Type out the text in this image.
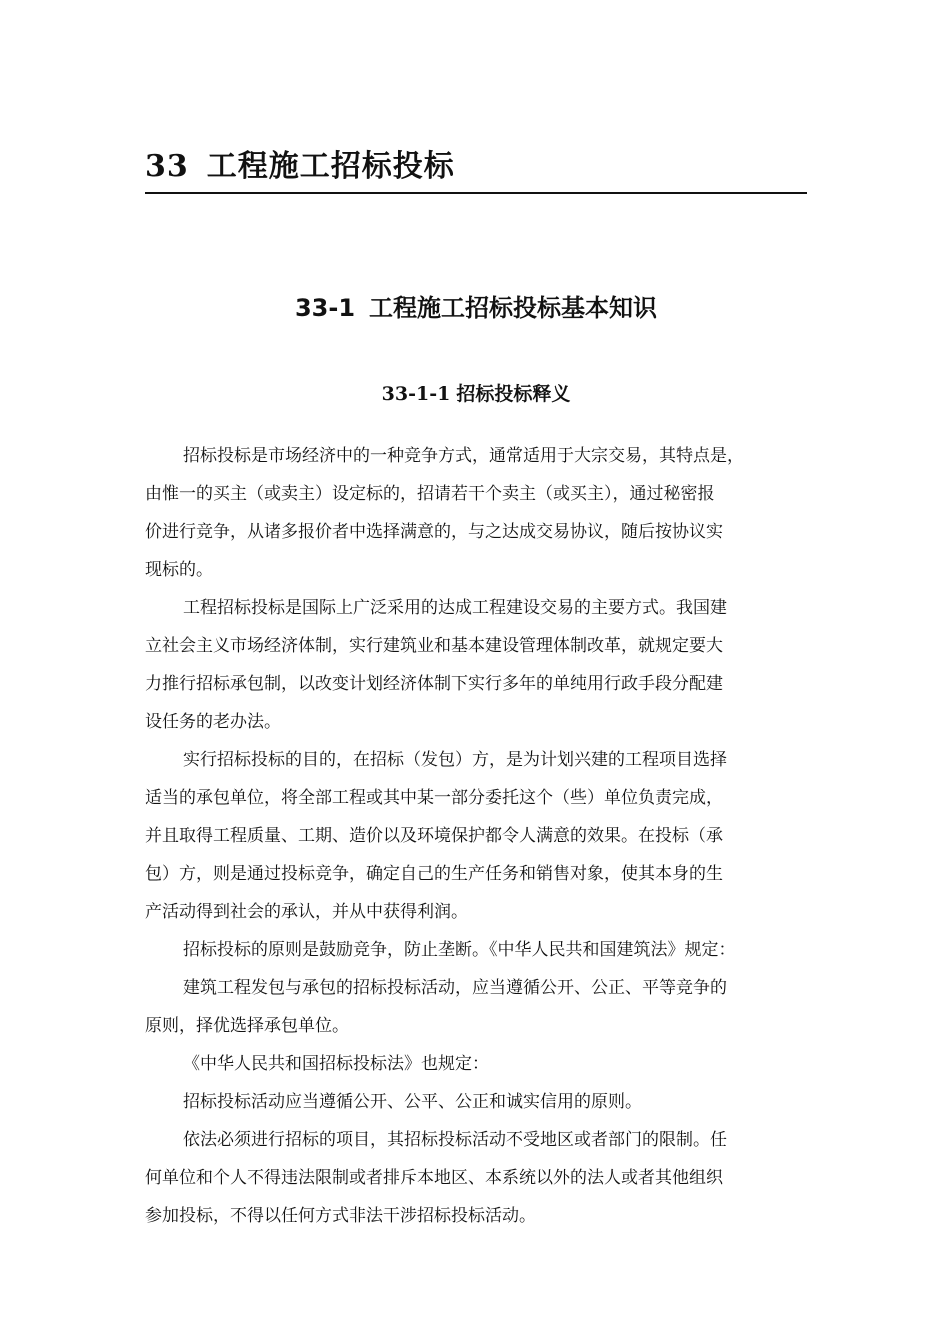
33 工程施工招标投标
33-1 工程施工招标投标基本知识
33-1-1 招标投标释义
招标投标是市场经济中的一种竞争方式，通常适用于大宗交易，其特点是，
由惟一的买主（或卖主）设定标的，招请若干个卖主（或买主），通过秘密报
价进行竞争，从诸多报价者中选择满意的，与之达成交易协议，随后按协议实
现标的。
工程招标投标是国际上广泛采用的达成工程建设交易的主要方式。我国建
立社会主义市场经济体制，实行建筑业和基本建设管理体制改革，就规定要大
力推行招标承包制，以改变计划经济体制下实行多年的单纯用行政手段分配建
设任务的老办法。
实行招标投标的目的，在招标（发包）方，是为计划兴建的工程项目选择
适当的承包单位，将全部工程或其中某一部分委托这个（些）单位负责完成，
并且取得工程质量、工期、造价以及环境保护都令人满意的效果。在投标（承
包）方，则是通过投标竞争，确定自己的生产任务和销售对象，使其本身的生
产活动得到社会的承认，并从中获得利润。
招标投标的原则是鼓励竞争，防止垄断。《中华人民共和国建筑法》规定：
建筑工程发包与承包的招标投标活动，应当遵循公开、公正、平等竞争的
原则，择优选择承包单位。
《中华人民共和国招标投标法》也规定：
招标投标活动应当遵循公开、公平、公正和诚实信用的原则。
依法必须进行招标的项目，其招标投标活动不受地区或者部门的限制。任
何单位和个人不得违法限制或者排斥本地区、本系统以外的法人或者其他组织
参加投标，不得以任何方式非法干涉招标投标活动。
